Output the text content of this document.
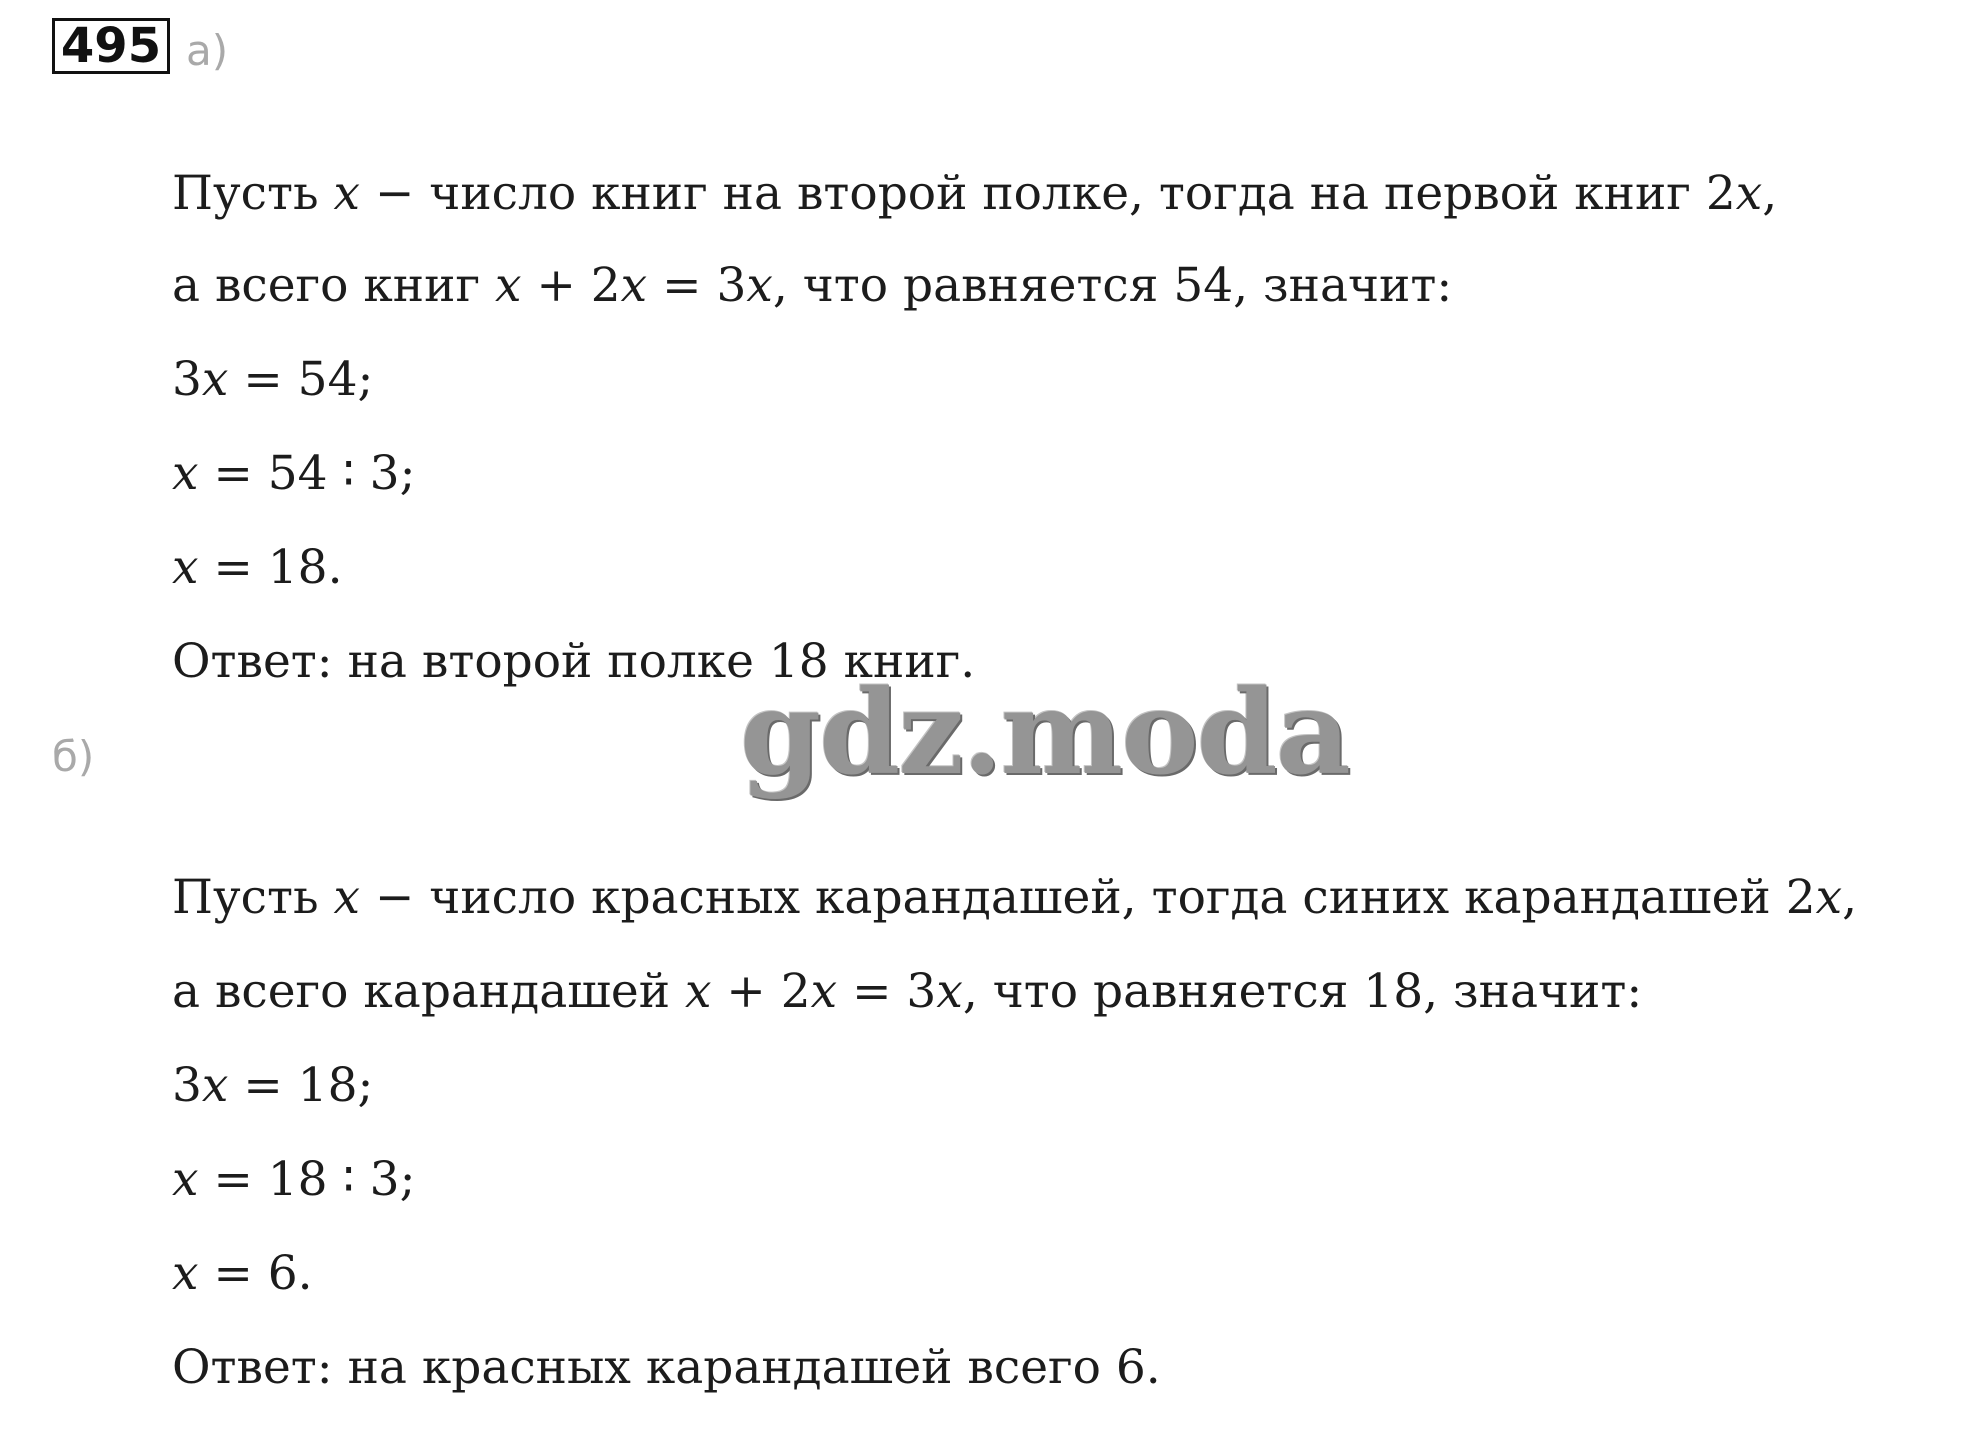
495 а)
Пусть 𝑥 − число книг на второй полке, тогда на первой книг 2𝑥,
а всего книг 𝑥 + 2𝑥 = 3𝑥, что равняется 54, значит:
3𝑥 = 54;
𝑥 = 54 ∶ 3;
𝑥 = 18.
Ответ: на второй полке 18 книг.
б)
Пусть 𝑥 − число красных карандашей, тогда синих карандашей 2𝑥,
а всего карандашей 𝑥 + 2𝑥 = 3𝑥, что равняется 18, значит:
3𝑥 = 18;
𝑥 = 18 ∶ 3;
𝑥 = 6.
Ответ: на красных карандашей всего 6.
gdz.moda
